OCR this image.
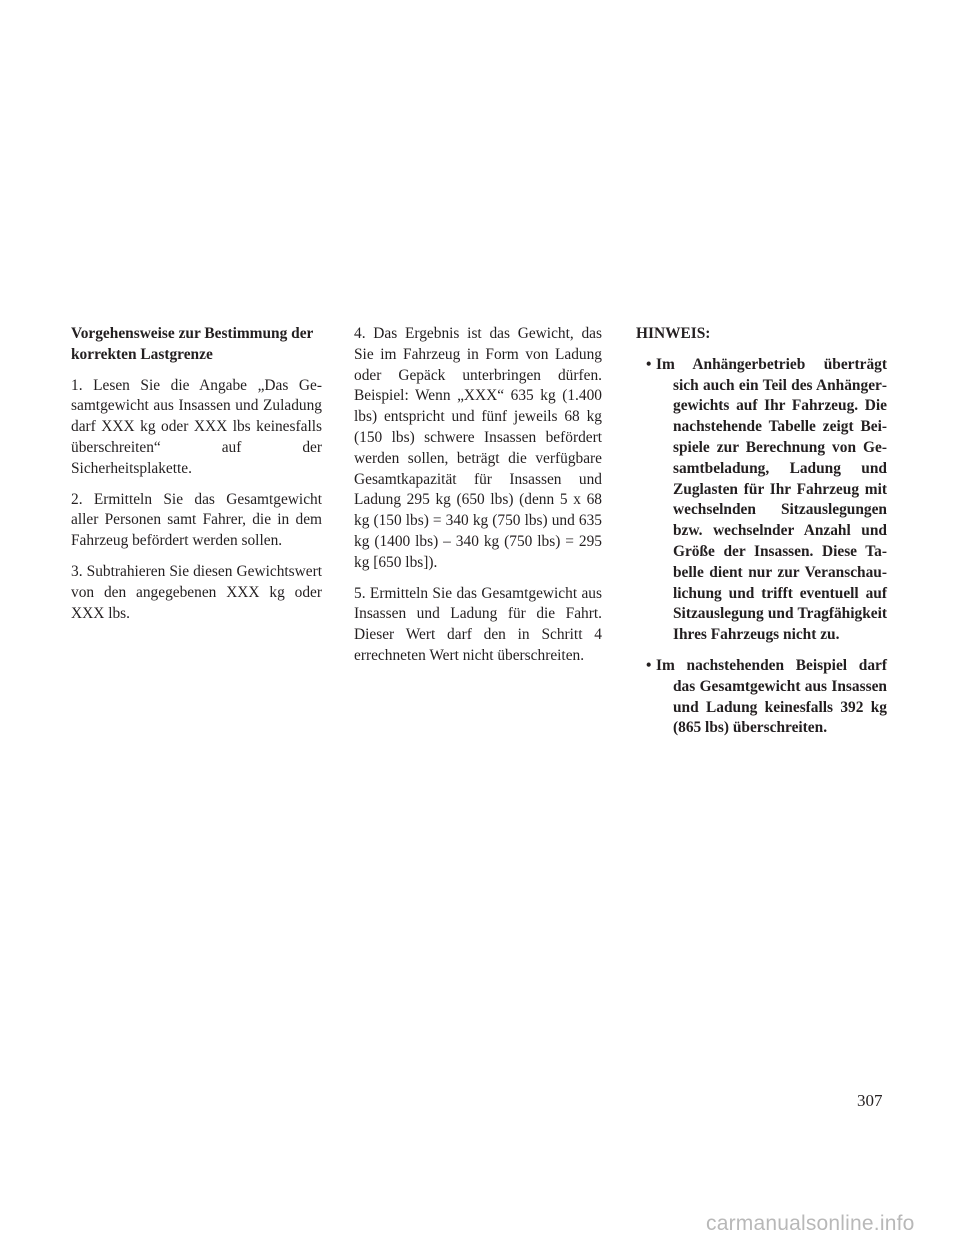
Vorgehensweise zur Bestimmung der korrekten Lastgrenze

1. Lesen Sie die Angabe „Das Gesamtgewicht aus Insassen und Zuladung darf XXX kg oder XXX lbs keinesfalls überschreiten“ auf der Sicherheitsplakette.

2. Ermitteln Sie das Gesamtgewicht aller Personen samt Fahrer, die in dem Fahrzeug befördert werden sollen.

3. Subtrahieren Sie diesen Gewichtswert von den angegebenen XXX kg oder XXX lbs.

4. Das Ergebnis ist das Gewicht, das Sie im Fahrzeug in Form von Ladung oder Gepäck unterbringen dürfen. Beispiel: Wenn „XXX“ 635 kg (1.400 lbs) entspricht und fünf jeweils 68 kg (150 lbs) schwere Insassen befördert werden sollen, beträgt die verfügbare Gesamtkapazität für Insassen und Ladung 295 kg (650 lbs) (denn 5 x 68 kg (150 lbs) = 340 kg (750 lbs) und 635 kg (1400 lbs) – 340 kg (750 lbs) = 295 kg [650 lbs]).

5. Ermitteln Sie das Gesamtgewicht aus Insassen und Ladung für die Fahrt. Dieser Wert darf den in Schritt 4 errechneten Wert nicht überschreiten.

HINWEIS:

• Im Anhängerbetrieb überträgt sich auch ein Teil des Anhängergewichts auf Ihr Fahrzeug. Die nachstehende Tabelle zeigt Beispiele zur Berechnung von Gesamtbeladung, Ladung und Zuglasten für Ihr Fahrzeug mit wechselnden Sitzauslegungen bzw. wechselnder Anzahl und Größe der Insassen. Diese Tabelle dient nur zur Veranschaulichung und trifft eventuell auf Sitzauslegung und Tragfähigkeit Ihres Fahrzeugs nicht zu.
• Im nachstehenden Beispiel darf das Gesamtgewicht aus Insassen und Ladung keinesfalls 392 kg (865 lbs) überschreiten.
307
carmanualsonline.info
